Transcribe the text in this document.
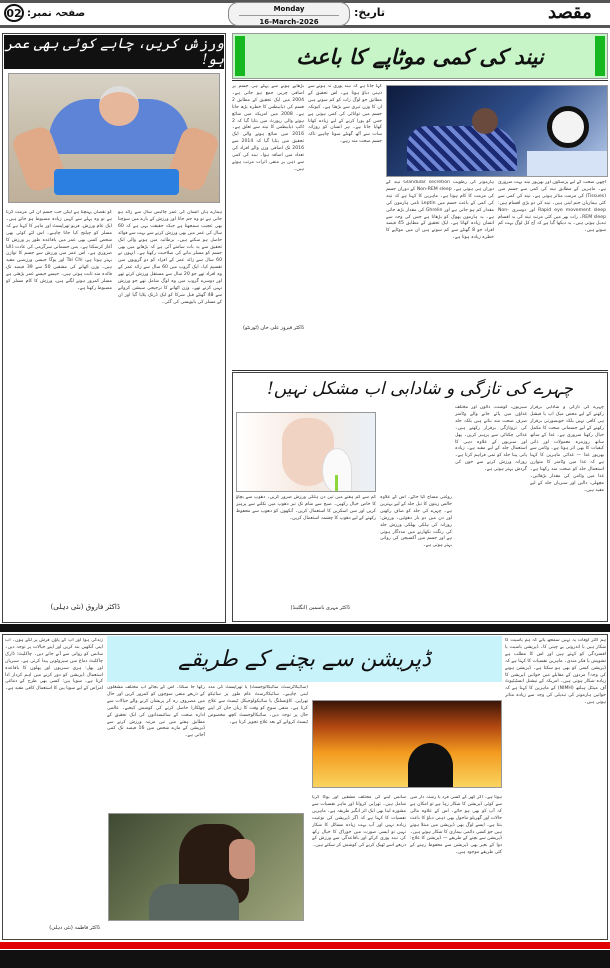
صفحہ نمبر:
02	Monday
16-March-2026
تاریخ:	مقصد
ورزش کریں، چاہے کوئی بھی عمر ہو!
ہمارے ہاں انسان کی عمر چالیس سال سے زائد ہو جاتی ہے تو وہ جم جانا اور ورزش کے بارے میں سوچنا بھی عجیب سمجھتا ہے جبکہ حقیقت یہی ہے کہ 60 سال کی عمر میں بھی ورزش کرنے سے بہت سے فوائد حاصل ہو سکتے ہیں۔ برطانیہ میں ہونے والی ایک تحقیق سے یہ بات سامنے آئی ہے کہ بڑھاپے میں بھی جسم کو مسلز بنانے کی صلاحیت رکھتا ہے۔ انہوں نے 60 سال سے زائد عمر کے افراد کو دو گروپوں میں تقسیم کیا۔ ایک گروپ میں 60 سال سے زائد عمر کے وہ افراد تھے جو 20 سال سے مستقل ورزش کرتے تھے اور دوسرے گروپ میں وہ لوگ شامل تھے جو ورزش نہیں کرتے تھے۔ وزن اٹھانے کا ترجیحی سیشن کروانے سے 48 گھنٹے قبل شرکا کو ایک ڈرنک پلایا گیا اور ان کے مسلز کی بایوپسی کی گئی۔
کو نقصان پہنچتا ہے لیکن جب جسم ان کی مرمت کرتا ہے تو وہ پہلے سے کہیں زیادہ مضبوط ہو جاتے ہیں۔ ایک عام ورزش، فزیو تھراپسٹ اور ماہر کا کہنا ہے کہ مسلز کو چیلنج کیا جانا چاہیے۔ اس لئے کوئی بھی شخص کسی بھی عمر میں باقاعدہ طور پر ورزش کا آغاز کرسکتا ہے۔ بس جسمانی سرگرمی کی عادت ڈالنا ضروری ہے۔ اس عمر میں ورزش سے جسم کا توازن بہتر ہوتا ہے، Tai Chi اور یوگا جیسی ورزشیں مفید ہیں۔ وزن اٹھانے کی مشقیں 50 سے 39 فیصد تک فائدہ مند ثابت ہوتی ہیں۔ جیسے جیسے عمر بڑھتی ہے مسلز کمزور ہونے لگتے ہیں، ورزش کا کام مسلز کو مضبوط رکھنا ہے۔
ڈاکٹر فاروق (نئی دہلی)
نیند کی کمی موٹاپے کا باعث
اچھی صحت کے لیے پرسکون اور بھرپور نیند بہت ضروری ہے۔ ماہرین کے مطابق نیند کی کمی سے جسم میں (Tissues) کی مرمت متاثر ہوتی ہے۔ نیند کی کمی سے کئی بیماریاں جنم لیتی ہیں۔ نیند کی دو بڑی اقسام ہیں: Rapid eye movement sleep اور دوسری Non-REM sleep۔ رات بھر میں کئی مرتبہ نیند کی یہ اقسام تبدیل ہوتی ہیں۔ یہ دیکھا گیا ہے کہ آج کل لوگ بہت کم سوتے ہیں۔
ہارمونز کی رطوبت Glandular secretion نیند کے دوران ہی ہوتی ہے۔ Non-REM sleep کے دوران جسم کی مرمت کا کام ہوتا ہے۔ ماہرین کا کہنا ہے کہ نیند کی کمی کے باعث جسم میں Leptin نامی ہارمون کی مقدار کم ہو جاتی ہے اور Ghrelin کی مقدار بڑھ جاتی ہے۔ یہ ہارمون بھوک کو بڑھاتا ہے جس کی وجہ سے انسان زیادہ کھاتا ہے۔ ایک تحقیق کے مطابق 45 فیصد افراد جو 8 گھنٹے سے کم سوتے ہیں ان میں موٹاپے کا خطرہ زیادہ ہوتا ہے۔
کہا جاتا ہے کہ نیند پوری نہ ہونے سے ذہنی دباؤ ہوتا ہے۔ اس تحقیق کے مطابق جو لوگ رات کو کم سوتے ہیں ان کا وزن تیزی سے بڑھتا ہے۔ کیونکہ جسم میں توانائی کی کمی ہوتی ہے جس کو پورا کرنے کے لیے زیادہ کھانا کھایا جاتا ہے۔ ہر انسان کو روزانہ سات سے آٹھ گھنٹے سونا چاہیے تاکہ جسم صحت مند رہے۔
بڑھاپے ہونے سے پہلے ہی جسم پر اضافی چربی جمع ہو جاتی ہے۔ 2004 میں ایک تحقیق کے مطابق 2 قسم کی ذیابیطس کا خطرہ بڑھ جاتا ہے۔ 2008 میں امریکہ میں شائع ہونے والی رپورٹ میں بتایا گیا کہ 2 ٹائپ ذیابیطس کا نیند سے تعلق ہے۔ 2016 میں شائع ہونے والی ایک تحقیق میں بتایا گیا کہ 2014 سے 2016 تک اضافی وزن والے افراد کی تعداد میں اضافہ ہوا۔ نیند کی کمی سے ذہن پر منفی اثرات مرتب ہوتے ہیں۔
ڈاکٹر فیروز علی خان (ٹورنٹو)
چہرے کی تازگی و شادابی اب مشکل نہیں!
چہرے کی تازگی و شادابی برقرار رکھنے کے لیے محض میک اپ یا فیشل ہی کافی نہیں بلکہ خوبصورتی برقرار رکھنے کے لیے جسمانی صحت کا مکمل خیال رکھنا ضروری ہے۔ غذا کے ساتھ ساتھ روزمرہ معمولات اور ذاتی کیفیات کا بھی اثر ہوتا ہے۔ وٹامن سے بھرپور غذا — غذائی ماہرین کا کہنا ہے کہ غذا میں وٹامنز کا متوازن استعمال جلد کو صحت مند رکھتا ہے۔ غذا میں وٹامن کی مقدار بڑھائیں۔ مچھلی، دالیں اور سبزیاں جلد کے لیے مفید ہیں۔
سبزیوں، گوشت، دالوں اور مختلف غذاؤں میں پائے جانے والے وٹامنز صرف صحت مند بناتے ہیں بلکہ جلد کی تروتازگی برقرار رکھتے ہیں۔ غذائی چکنائی سے پرہیز کریں۔ پھل اور سبزیوں کے علاوہ دہی کا استعمال جلد کے لیے مفید ہے۔ زیادہ پانی پینا جلد کو نمی فراہم کرتا ہے۔ روزانہ ورزش کرنے سے خون کی گردش بہتر ہوتی ہے۔
روغنی مساج کیا جائے۔ اس کے علاوہ خالص زیتون کا تیل جلد کے لیے بہترین ہے۔ چہرے کی جلد کو صاف رکھیں اور دن میں دو بار دھوئیں۔ ورزش: روزانہ کی ہلکی پھلکی ورزش جلد کی رنگت نکھارنے میں مددگار ہوتی ہے اور جسم میں آکسیجن کی روانی بہتر ہوتی ہے۔
کم سے کم ہفتے میں تین دن ہلکی ورزش ضرور کریں۔ دھوپ سے بچاؤ کا خاص خیال رکھیں۔ صبح سے شام تک تیز دھوپ میں نکلنے سے پرہیز کریں اور سن اسکرین کا استعمال کریں۔ آنکھوں کو دھوپ سے محفوظ رکھنے کے لیے دھوپ کا چشمہ استعمال کریں۔
ڈاکٹر مہری یاسمین (انگلینڈ)
ڈپریشن سے بچنے کے طریقے
ہم اکثر اوقات یہ نہیں سمجھ پاتے کہ ہم یاسیت کا شکار ہیں یا اندرونی بے چینی کا۔ ڈپریشن یاسیت یا افسردگی کو کہتے ہیں اور اس کا مطلب ہے تشویش یا فکر مندی۔ ماہرین نفسیات کا کہنا ہے کہ ڈپریشن کسی کو بھی ہو سکتا ہے۔ ڈپریشن ہونے کی وجہ؟ مردوں کے مقابلے میں خواتین ڈپریشن کا زیادہ شکار ہوتی ہیں۔ امریکہ کے نیشنل انسٹیٹیوٹ آف مینٹل ہیلتھ (NIMH) کے ماہرین کا کہنا ہے کہ خواتین ہارمونز کی تبدیلی کی وجہ سے زیادہ متاثر ہوتی ہیں۔
ہوتا ہے۔ اگر گھر کے کسی فرد یا رشتہ دار میں سے کوئی ڈپریشن کا شکار رہا ہے تو امکان ہے کہ آپ کو بھی ہو جائے۔ اس کے علاوہ مالی حالات اور گھریلو ماحول بھی ذہنی دباؤ کا باعث بنتا ہے۔ ایسے لوگ بھی ڈپریشن میں مبتلا ہوتے ہیں جو کسی دائمی بیماری کا شکار ہوتے ہیں۔ ڈپریشن سے بچنے کے طریقے — ڈپریشن کا علاج: دوا کے بغیر بھی ڈپریشن سے محفوظ رہنے کے کئی طریقے موجود ہیں۔
سانس لینے کی مختلف مشقیں اور یوگا کرنا شامل ہیں۔ تھراپی کروانا اور ماہر نفسیات سے مشورہ لینا بھی ایک اثر انگیز طریقہ ہے۔ ماہرین نفسیات کا کہنا ہے کہ اگر ڈپریشن کی نوعیت زیادہ نہیں اور آپ بہت زیادہ مسائل کا شکار نہیں تو ایسی صورت میں خوراک کا خیال رکھ کر، نیند پوری کرکے اور باقاعدگی سے ورزش کے ذریعے اسے ٹھیک کرنے کی کوشش کر سکتے ہیں۔
(سائیکاٹرسٹ، سائیکالوجسٹ) یا تھراپسٹ کی مدد لینی چاہیے۔ سائیکاٹرسٹ عام طور پر سائیکو تھراپی، کاؤنسلنگ یا سائیکولوجیکل ٹیسٹ سے علاج کرتا ہے۔ منفی سوچ کو وقت کا زیاں جان کر اپنے حال پر توجہ دیں۔ سائیکالوجسٹ کچھ مخصوص ٹیسٹ کروانے کے بعد علاج تجویز کرتا ہے۔
رکھا جا سکتا۔ اس کے بجائے آپ مختلف مشغلوں کے ذریعے منفی سوچوں کو کمزور کریں اور حال میں مصروف رہ کر پریشان کرنے والے خیالات سے چھٹکارا حاصل کرنے کی کوشش کیجیے۔ عالمی ادارہ صحت کے سائنسدانوں کی ایک تحقیق کے مطابق ہفتے میں تین مرتبہ ورزش کرنے سے ڈپریشن کے مارے شخص میں 16 فیصد تک کمی آجاتی ہے۔
زندگی ہوا اور آپ کے پاؤں فرش پر لگے ہوں۔ اب اپنی آنکھیں بند کریں اور اپنے خیالات پر توجہ دیں۔ سانس کو روانی سے آنے جانے دیں۔ چاکلیٹ: ڈارک چاکلیٹ دماغ میں سیروٹونن پیدا کرتی ہے۔ سبزیاں اور پھل: ہری سبزیوں اور پھلوں کا باقاعدہ استعمال ڈپریشن کو دور کرنے میں اہم کردار ادا کرتا ہے۔ سویا بین: کسی بھی طرح کے دماغی امراض کے لیے سویا بین کا استعمال کافی مفید ہے۔
ڈاکٹر فاطمہ (نئی دہلی)
